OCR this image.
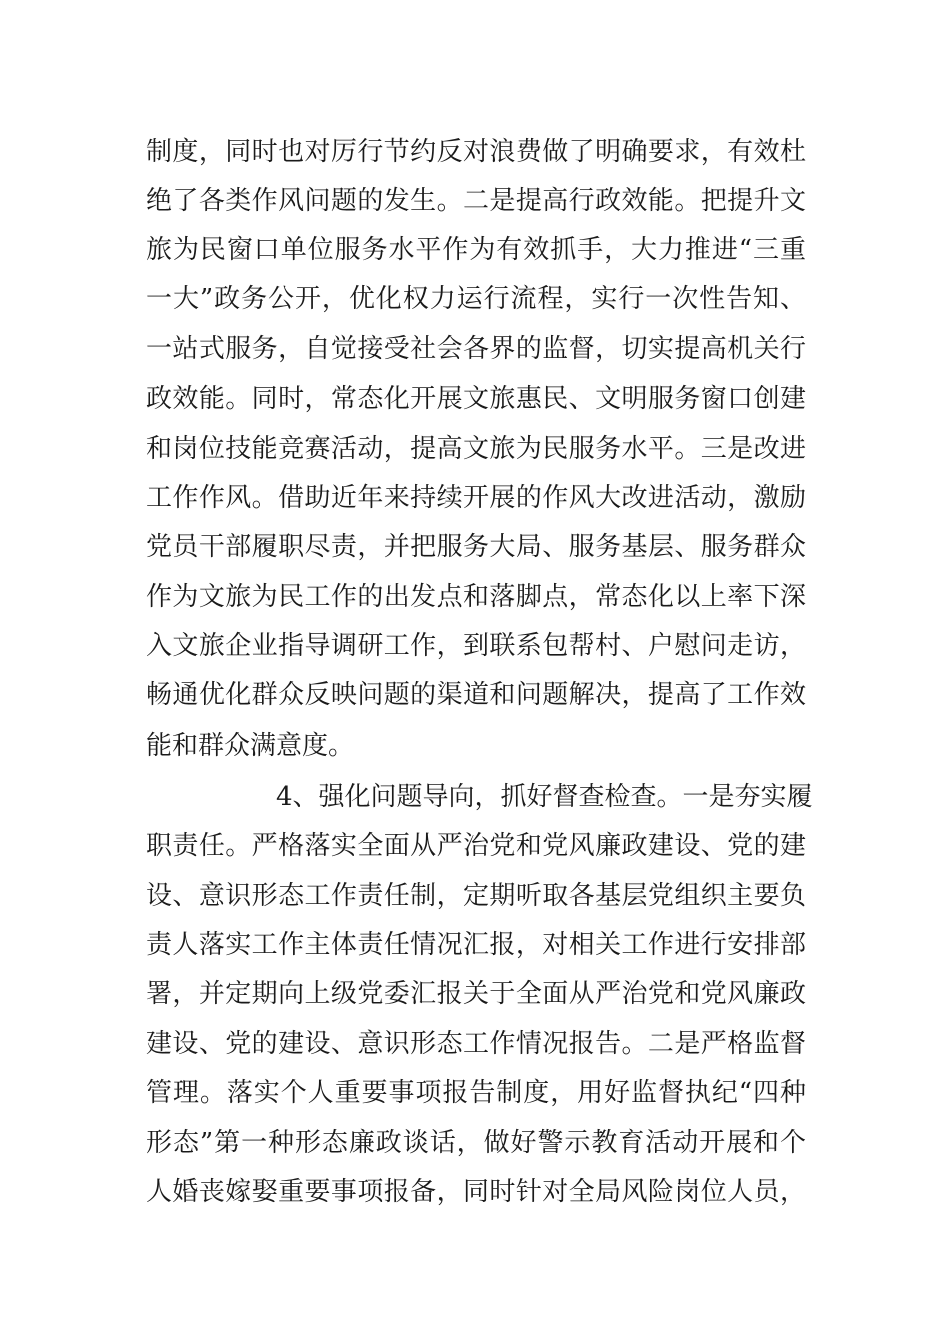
制度，同时也对厉行节约反对浪费做了明确要求，有效杜
绝了各类作风问题的发生。二是提高行政效能。把提升文
旅为民窗口单位服务水平作为有效抓手，大力推进“三重
一大”政务公开，优化权力运行流程，实行一次性告知、
一站式服务，自觉接受社会各界的监督，切实提高机关行
政效能。同时，常态化开展文旅惠民、文明服务窗口创建
和岗位技能竞赛活动，提高文旅为民服务水平。三是改进
工作作风。借助近年来持续开展的作风大改进活动，激励
党员干部履职尽责，并把服务大局、服务基层、服务群众
作为文旅为民工作的出发点和落脚点，常态化以上率下深
入文旅企业指导调研工作，到联系包帮村、户慰问走访，
畅通优化群众反映问题的渠道和问题解决，提高了工作效
能和群众满意度。
4、强化问题导向，抓好督查检查。一是夯实履
职责任。严格落实全面从严治党和党风廉政建设、党的建
设、意识形态工作责任制，定期听取各基层党组织主要负
责人落实工作主体责任情况汇报，对相关工作进行安排部
署，并定期向上级党委汇报关于全面从严治党和党风廉政
建设、党的建设、意识形态工作情况报告。二是严格监督
管理。落实个人重要事项报告制度，用好监督执纪“四种
形态”第一种形态廉政谈话，做好警示教育活动开展和个
人婚丧嫁娶重要事项报备，同时针对全局风险岗位人员，
